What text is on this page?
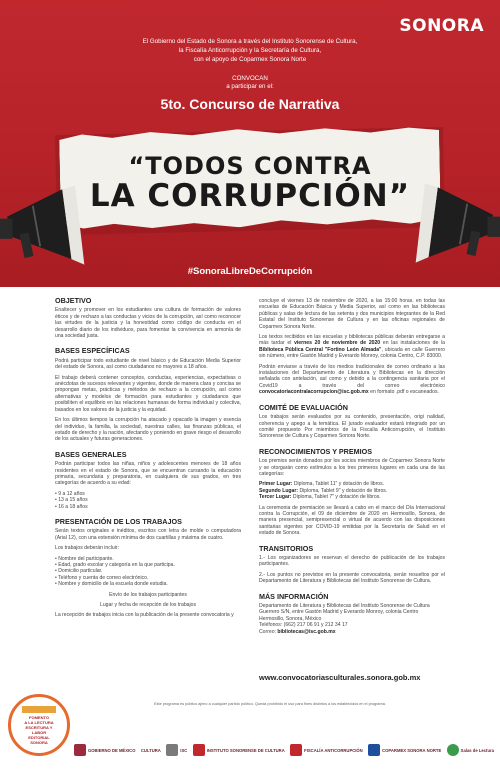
SONORA

El Gobierno del Estado de Sonora a través del Instituto Sonorense de Cultura,

la Fiscalía Anticorrupción y la Secretaría de Cultura,

con el apoyo de Coparmex Sonora Norte

CONVOCAN

a participar en el:

5to. Concurso de Narrativa
“TODOS CONTRA
LA CORRUPCIÓN”
#SonoraLibreDeCorrupción
OBJETIVO

Enaltecer y promover en los estudiantes una cultura de formación de valores éticos y de rechazo a las conductas y vicios de la corrupción, así como reconocer las virtudes de la justicia y la honestidad como código de conducta en el desarrollo diario de los individuos, para fomentar la convivencia en armonía de una sociedad justa.

BASES ESPECÍFICAS

Podrá participar todo estudiante de nivel básico y de Educación Media Superior del estado de Sonora, así como ciudadanos no mayores a 18 años.

El trabajo deberá contener conceptos, conductas, experiencias, expectativas o anécdotas de sucesos relevantes y vigentes, donde de manera clara y concisa se propongan metas, prácticas y métodos de rechazo a la corrupción, así como alternativas y modelos de formación para estudiantes y ciudadanos que posibiliten el equilibrio en las relaciones humanas de forma individual y colectiva, basados en los valores de la justicia y la equidad.

En los últimos tiempos la corrupción ha atacado y opacado la imagen y esencia del individuo, la familia, la sociedad, nuestras calles, las finanzas públicas, el estado de derecho y la nación, afectando y poniendo en grave riesgo el desarrollo de los actuales y futuras generaciones.

BASES GENERALES

Podrán participar todos las niñas, niños y adolescentes menores de 18 años residentes en el estado de Sonora, que se encuentran cursando la educación primaria, secundaria y preparatoria, en cualquiera de sus grados, en tres categorías de acuerdo a su edad:

• 9 a 12 años
• 13 a 15 años
• 16 a 18 años
PRESENTACIÓN DE LOS TRABAJOS

Serán textos originales e inéditos, escritos con letra de molde o computadora (Arial 12), con una extensión mínima de dos cuartillas y máxima de cuatro.

Los trabajos deberán incluir:

• Nombre del participante.
• Edad, grado escolar y categoría en la que participa.
• Domicilio particular.
• Teléfono y cuenta de correo electrónico.
• Nombre y domicilio de la escuela donde estudia.

Envío de los trabajos participantes

Lugar y fecha de recepción de los trabajos

La recepción de trabajos inicia con la publicación de la presente convocatoria y

concluye el viernes 13 de noviembre de 2020, a las 15:00 horas. en todas las escuelas de Educación Básica y Media Superior, así como en las bibliotecas públicas y salas de lectura de las setenta y dos municipios integrantes de la Red Estatal del Instituto Sonorense de Cultura y en las oficinas regionales de Coparmex Sonora Norte.

Los textos recibidos en las escuelas y bibliotecas públicas deberán entregarse a más tardar el viernes 20 de noviembre de 2020 en las instalaciones de la Biblioteca Pública Central "Fortino León Almada", ubicada en calle Guerrero sin número, entre Gastón Madrid y Everardo Monroy, colonia Centro, C.P. 83000.

Podrán enviarse a través de los medios tradicionales de correo ordinario a las instalaciones del Departamento de Literatura y Bibliotecas en la dirección señalada con antelación, así como y debido a la contingencia sanitaria por el Covid19 a través del correo electrónico convocatoriacontralacorrupcion@isc.gob.mx en formato .pdf o escaneados.

COMITÉ DE EVALUACIÓN

Los trabajos serán evaluados por su contenido, presentación, origi nalidad, coherencia y apego a la temática. El jurado evaluador estará integrado por un comité propuesto Por miembros de la Fiscalía Anticorrupción, el Instituto Sonorense de Cultura y Coparmex Sonora Norte.

RECONOCIMIENTOS Y PREMIOS

Los premios serán donados por los socios miembros de Coparmex Sonora Norte y se otorgarán como estímulos a los tres primeros lugares en cada una de las categorías:

Primer Lugar: Diploma, Tablet 11" y dotación de libros.
Segundo Lugar: Diploma, Tablet 9" y dotación de libros.
Tercer Lugar: Diploma, Tablet 7" y dotación de libros.

La ceremonia de premiación se llevará a cabo en el marco del Día Internacional contra la Corrupción, el 09 de diciembre de 2020 en Hermosillo, Sonora, de manera presencial, semipresencial o virtual de acuerdo con las disposiciones sanitarias vigentes por COVID-19 emitidas por la Secretaría de Salud en el estado de Sonora.

TRANSITORIOS

1.- Los organizadores se reservan el derecho de publicación de los trabajos participantes.

2.- Los puntos no previstos en la presente convocatoria, serán resueltos por el Departamento de Literatura y Bibliotecas del Instituto Sonorense de Cultura.

MÁS INFORMACIÓN

Departamento de Literatura y Bibliotecas del Instituto Sonorense de Cultura
Guerrero S/N, entre Gastón Madrid y Everardo Monroy, colonia Centro
Hermosillo, Sonora, México
Teléfonos: (662) 217 06 91 y 212 34 17
Correo: bibliotecas@isc.gob.mx

www.convocatoriasculturales.sonora.gob.mx
FOMENTO
A LA LECTURA
ESCRITURA Y
LABOR
EDITORIAL
SONORA
Este programa es público ajeno a cualquier partido político. Queda prohibido el uso para fines distintos a los establecidos en el programa.
GOBIERNO DE MÉXICO CULTURA	ISC	INSTITUTO SONORENSE DE CULTURA	FISCALÍA ANTICORRUPCIÓN	COPARMEX SONORA NORTE	Salas de Lectura
